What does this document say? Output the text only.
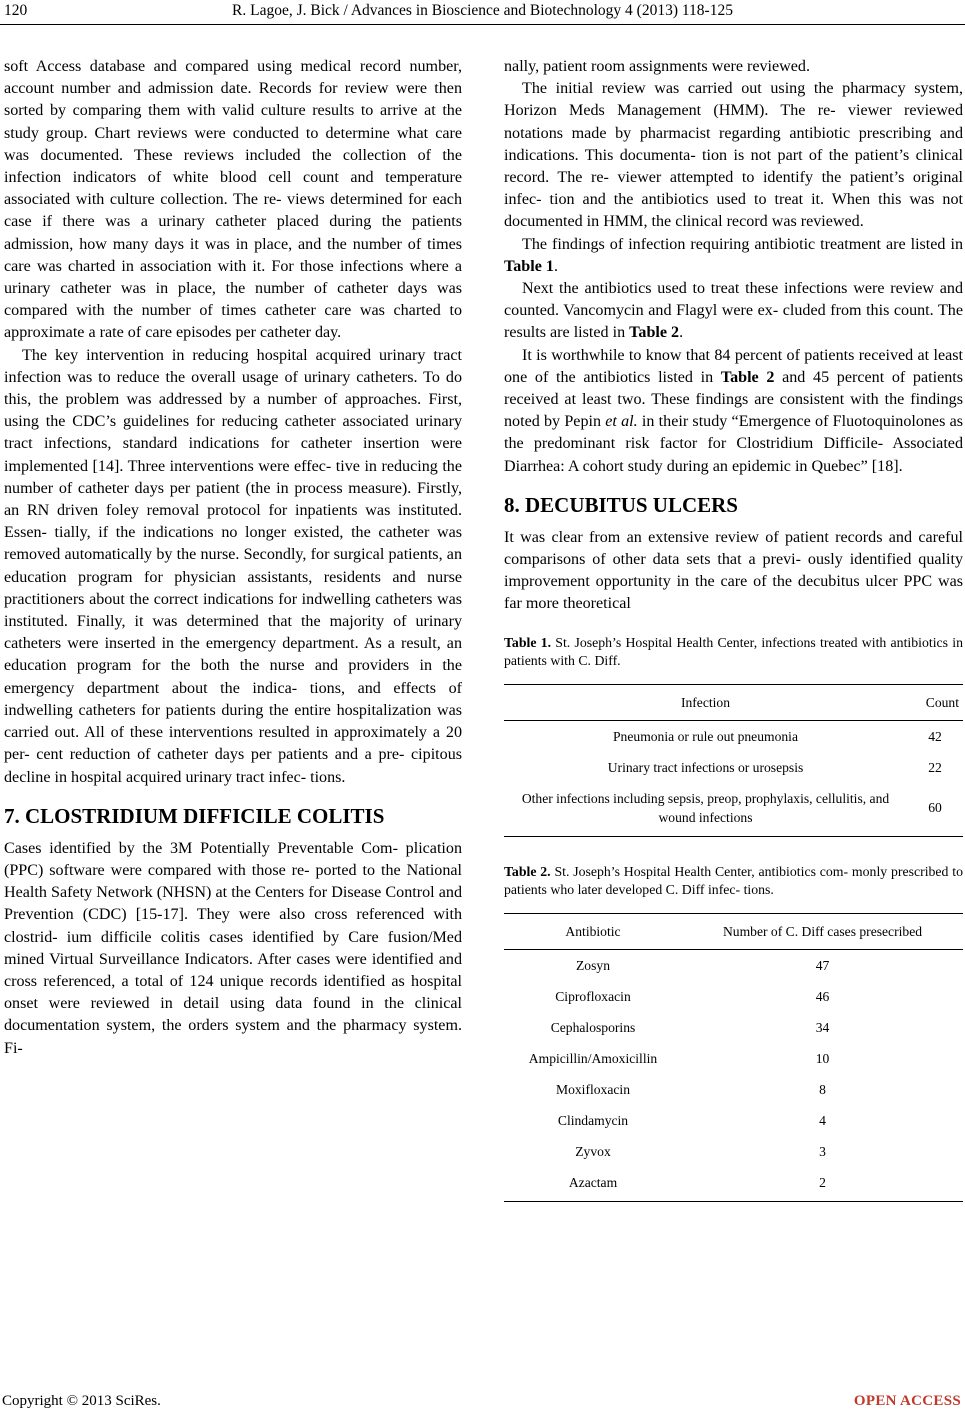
120	R. Lagoe, J. Bick / Advances in Bioscience and Biotechnology 4 (2013) 118-125

soft Access database and compared using medical record number, account number and admission date. Records for review were then sorted by comparing them with valid culture results to arrive at the study group. Chart reviews were conducted to determine what care was documented. These reviews included the collection of the infection indicators of white blood cell count and temperature associated with culture collection. The re- views determined for each case if there was a urinary catheter placed during the patients admission, how many days it was in place, and the number of times care was charted in association with it. For those infections where a urinary catheter was in place, the number of catheter days was compared with the number of times catheter care was charted to approximate a rate of care episodes per catheter day.

The key intervention in reducing hospital acquired urinary tract infection was to reduce the overall usage of urinary catheters. To do this, the problem was addressed by a number of approaches. First, using the CDC’s guidelines for reducing catheter associated urinary tract infections, standard indications for catheter insertion were implemented [14]. Three interventions were effec- tive in reducing the number of catheter days per patient (the in process measure). Firstly, an RN driven foley removal protocol for inpatients was instituted. Essen- tially, if the indications no longer existed, the catheter was removed automatically by the nurse. Secondly, for surgical patients, an education program for physician assistants, residents and nurse practitioners about the correct indications for indwelling catheters was instituted. Finally, it was determined that the majority of urinary catheters were inserted in the emergency department. As a result, an education program for the both the nurse and providers in the emergency department about the indica- tions, and effects of indwelling catheters for patients during the entire hospitalization was carried out. All of these interventions resulted in approximately a 20 per- cent reduction of catheter days per patients and a pre- cipitous decline in hospital acquired urinary tract infec- tions.

7. CLOSTRIDIUM DIFFICILE COLITIS

Cases identified by the 3M Potentially Preventable Com- plication (PPC) software were compared with those re- ported to the National Health Safety Network (NHSN) at the Centers for Disease Control and Prevention (CDC) [15-17]. They were also cross referenced with clostrid- ium difficile colitis cases identified by Care fusion/Med mined Virtual Surveillance Indicators. After cases were identified and cross referenced, a total of 124 unique records identified as hospital onset were reviewed in detail using data found in the clinical documentation system, the orders system and the pharmacy system. Fi-

nally, patient room assignments were reviewed.

The initial review was carried out using the pharmacy system, Horizon Meds Management (HMM). The re- viewer reviewed notations made by pharmacist regarding antibiotic prescribing and indications. This documenta- tion is not part of the patient’s clinical record. The re- viewer attempted to identify the patient’s original infec- tion and the antibiotics used to treat it. When this was not documented in HMM, the clinical record was reviewed.

The findings of infection requiring antibiotic treatment are listed in Table 1.

Next the antibiotics used to treat these infections were review and counted. Vancomycin and Flagyl were ex- cluded from this count. The results are listed in Table 2.

It is worthwhile to know that 84 percent of patients received at least one of the antibiotics listed in Table 2 and 45 percent of patients received at least two. These findings are consistent with the findings noted by Pepin et al. in their study “Emergence of Fluotoquinolones as the predominant risk factor for Clostridium Difficile- Associated Diarrhea: A cohort study during an epidemic in Quebec” [18].

8. DECUBITUS ULCERS

It was clear from an extensive review of patient records and careful comparisons of other data sets that a previ- ously identified quality improvement opportunity in the care of the decubitus ulcer PPC was far more theoretical

Table 1. St. Joseph’s Hospital Health Center, infections treated with antibiotics in patients with C. Diff.

Infection	Count
Pneumonia or rule out pneumonia	42
Urinary tract infections or urosepsis	22
Other infections including sepsis, preop, prophylaxis, cellulitis, and wound infections	60

Table 2. St. Joseph’s Hospital Health Center, antibiotics com- monly prescribed to patients who later developed C. Diff infec- tions.

Antibiotic	Number of C. Diff cases presecribed
Zosyn	47
Ciprofloxacin	46
Cephalosporins	34
Ampicillin/Amoxicillin	10
Moxifloxacin	8
Clindamycin	4
Zyvox	3
Azactam	2
Copyright © 2013 SciRes.	OPEN ACCESS
